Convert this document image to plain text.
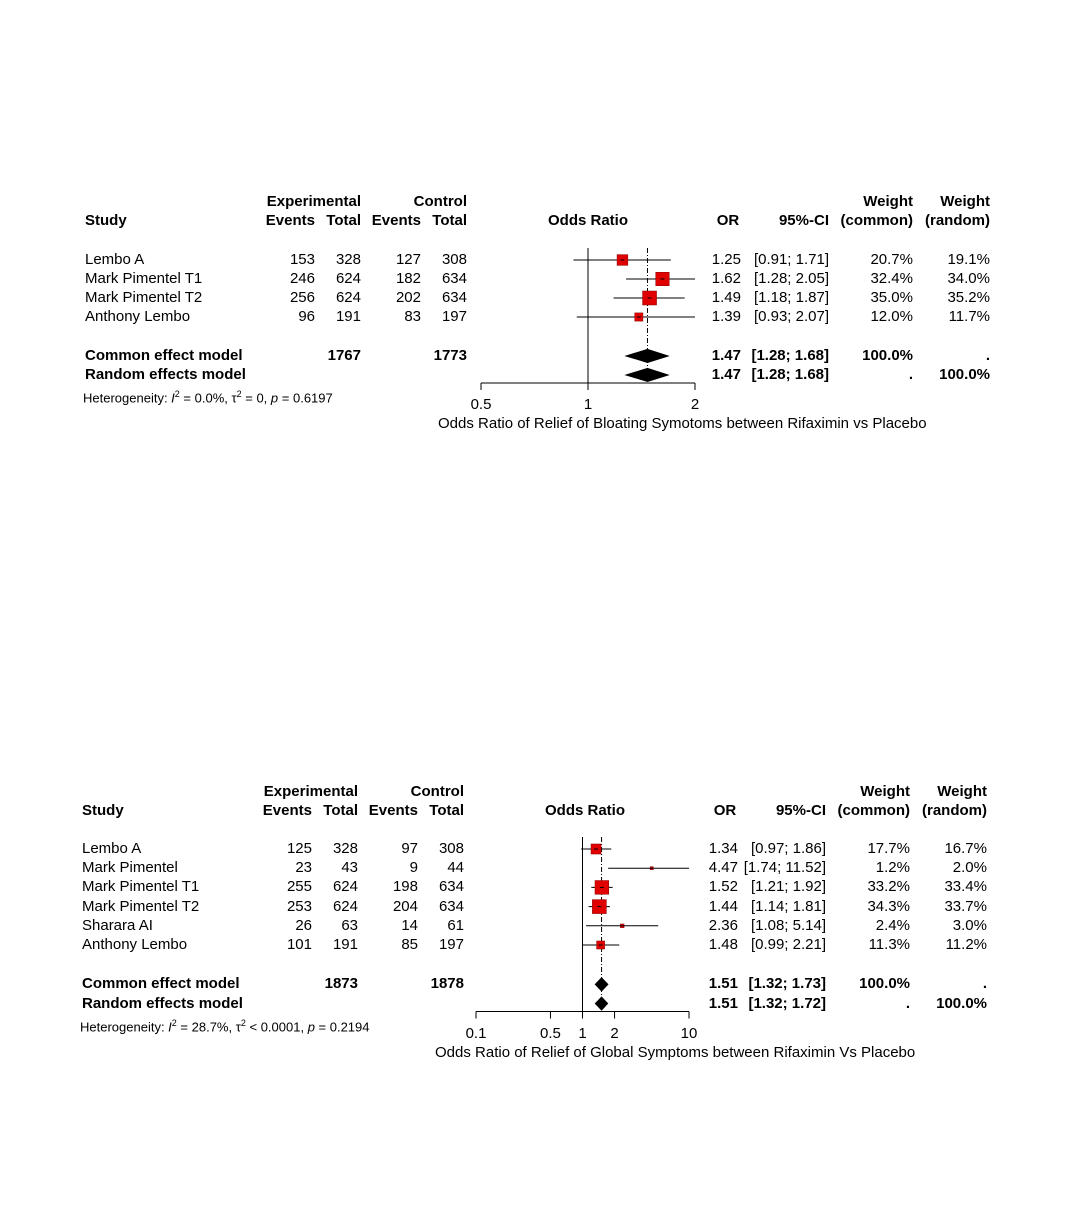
Study
Experimental	Control
Events Total Events Total	Odds Ratio	OR	95%-CI
Weight
(common)
Weight
(random)
0.5	1	2
Odds Ratio of Relief of Bloating Symotoms between Rifaximin vs Placebo
Lembo A	153 328 127 308	1.25 [0.91; 1.71]	20.7% 19.1%
Mark Pimentel T1	246 624 182 634	1.62 [1.28; 2.05]	32.4% 34.0%
Mark Pimentel T2	256 624 202 634	1.49 [1.18; 1.87]	35.0% 35.2%
Anthony Lembo	96 191	83 197	1.39 [0.93; 2.07]	12.0% 11.7%
Common effect model	1767	1773	1.47 [1.28; 1.68] 100.0%	.
Random effects model	1.47 [1.28; 1.68]	. 100.0%
Heterogeneity: $I^2 = 0.0\%$, $\tau^2 = 0$, p = 0.6197
Study
Experimental	Control
Events Total Events Total	Odds Ratio	OR	95%-CI
Weight
(common)
Weight
(random)
0.1	0.5	1	2	10
Odds Ratio of Relief of Global Symptoms between Rifaximin Vs Placebo
Lembo A	125 328	97 308	1.34 [0.97; 1.86]	17.7% 16.7%
Mark Pimentel	23 43	9 44	4.47 [1.74; 11.52]	1.2%	2.0%
Mark Pimentel T1	255 624 198 634	1.52 [1.21; 1.92]	33.2% 33.4%
Mark Pimentel T2	253 624 204 634	1.44 [1.14; 1.81]	34.3% 33.7%
Sharara AI	26 63	14 61	2.36 [1.08; 5.14]	2.4%	3.0%
Anthony Lembo	101 191	85 197	1.48 [0.99; 2.21]	11.3% 11.2%
Common effect model	1873	1878	1.51 [1.32; 1.73] 100.0%	.
Random effects model	1.51 [1.32; 1.72]	. 100.0%
Heterogeneity: $I^2 = 28.7\%$, $\tau^2 < 0.0001$, p = 0.2194
